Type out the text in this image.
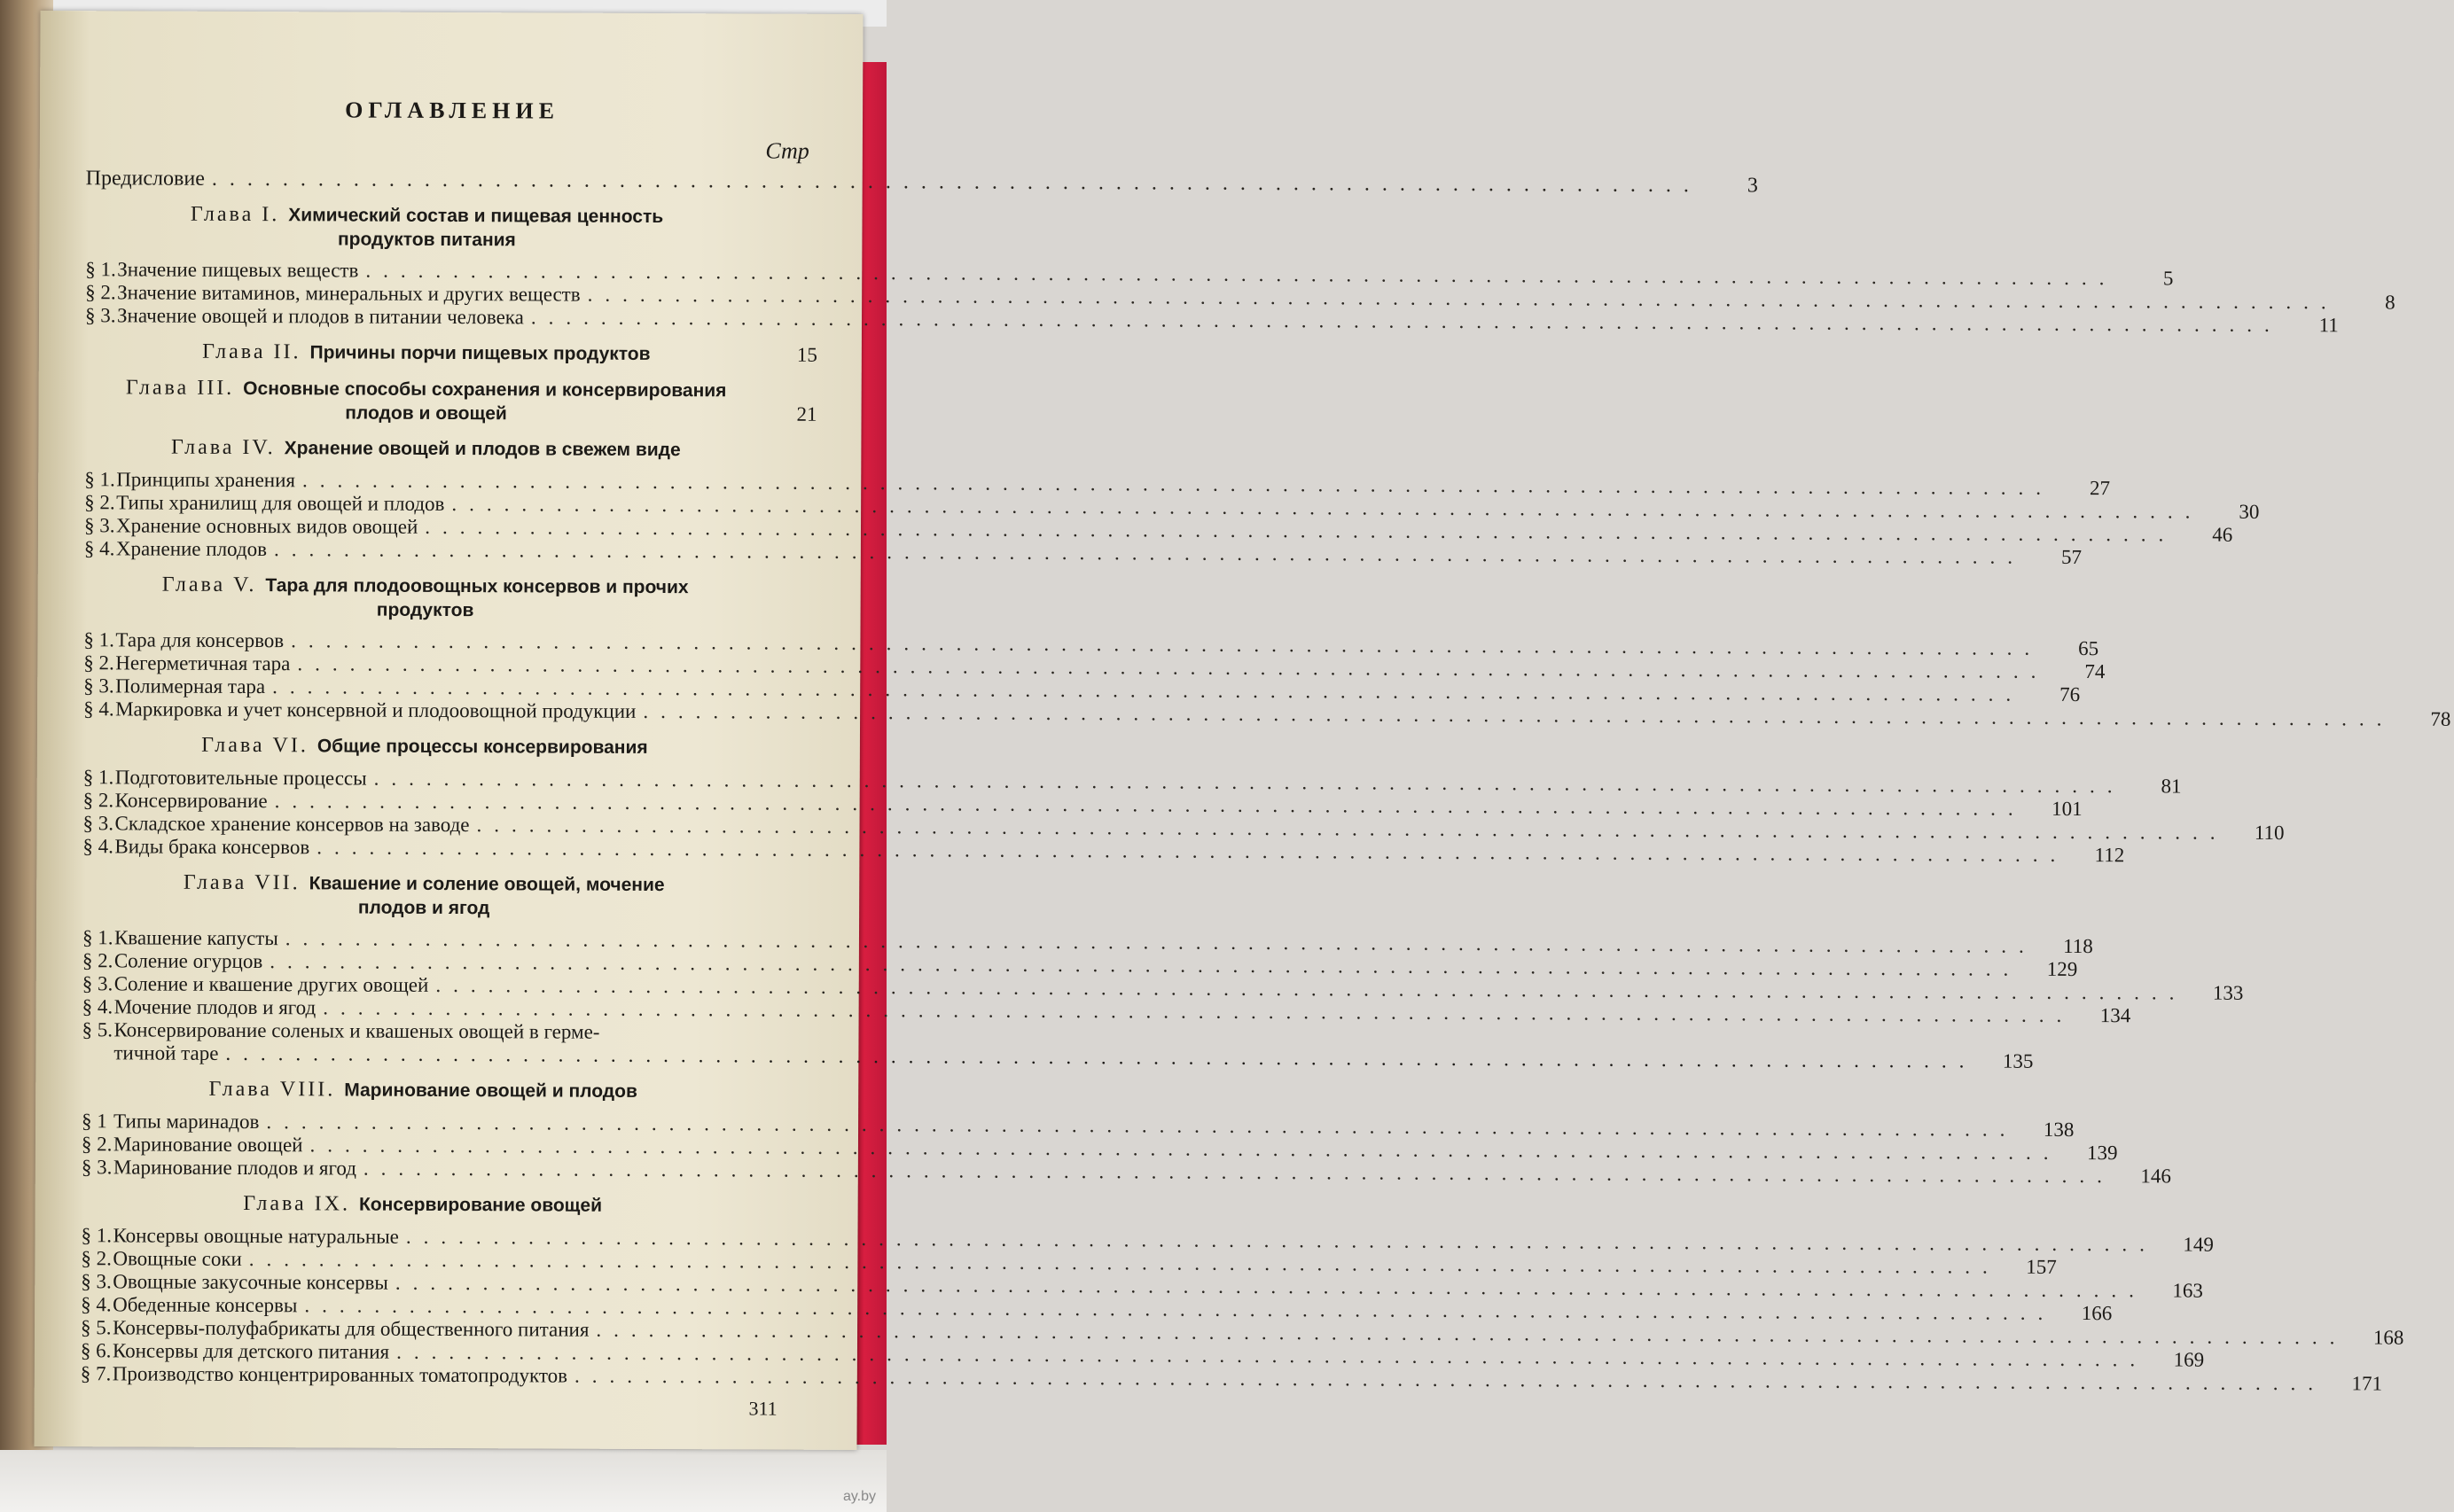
ОГЛАВЛЕНИЕ
Стр
Предисловие ....................................................................................	3
Глава I. Химический состав и пищевая ценность
продуктов питания
§ 1. Значение пищевых веществ ....................................................................................................	5
§ 2. Значение витаминов, минеральных и других веществ ....................................................................................................	8
§ 3. Значение овощей и плодов в питании человека ....................................................................................................	11
Глава II. Причины порчи пищевых продуктов	15
Глава III. Основные способы сохранения и консервирования
плодов и овощей	21
Глава IV. Хранение овощей и плодов в свежем виде
§ 1. Принципы хранения ....................................................................................................	27
§ 2. Типы хранилищ для овощей и плодов ....................................................................................................	30
§ 3. Хранение основных видов овощей ....................................................................................................	46
§ 4. Хранение плодов ....................................................................................................	57
Глава V. Тара для плодоовощных консервов и прочих
продуктов
§ 1. Тара для консервов ....................................................................................................	65
§ 2. Негерметичная тара ....................................................................................................	74
§ 3. Полимерная тара ....................................................................................................	76
§ 4. Маркировка и учет консервной и плодоовощной продукции ....................................................................................................	78
Глава VI. Общие процессы консервирования
§ 1. Подготовительные процессы ....................................................................................................	81
§ 2. Консервирование ....................................................................................................	101
§ 3. Складское хранение консервов на заводе ....................................................................................................	110
§ 4. Виды брака консервов ....................................................................................................	112
Глава VII. Квашение и соление овощей, мочение
плодов и ягод
§ 1. Квашение капусты ....................................................................................................	118
§ 2. Соление огурцов ....................................................................................................	129
§ 3. Соление и квашение других овощей ....................................................................................................	133
§ 4. Мочение плодов и ягод ....................................................................................................	134
§ 5. Консервирование соленых и квашеных овощей в герме-
тичной таре ....................................................................................................	135
Глава VIII. Маринование овощей и плодов
§ 1 Типы маринадов ....................................................................................................	138
§ 2. Маринование овощей ....................................................................................................	139
§ 3. Маринование плодов и ягод ....................................................................................................	146
Глава IX. Консервирование овощей
§ 1. Консервы овощные натуральные ....................................................................................................	149
§ 2. Овощные соки ....................................................................................................	157
§ 3. Овощные закусочные консервы ....................................................................................................	163
§ 4. Обеденные консервы ....................................................................................................	166
§ 5. Консервы-полуфабрикаты для общественного питания ....................................................................................................	168
§ 6. Консервы для детского питания ....................................................................................................	169
§ 7. Производство концентрированных томатопродуктов ....................................................................................................	171
311
ay.by
